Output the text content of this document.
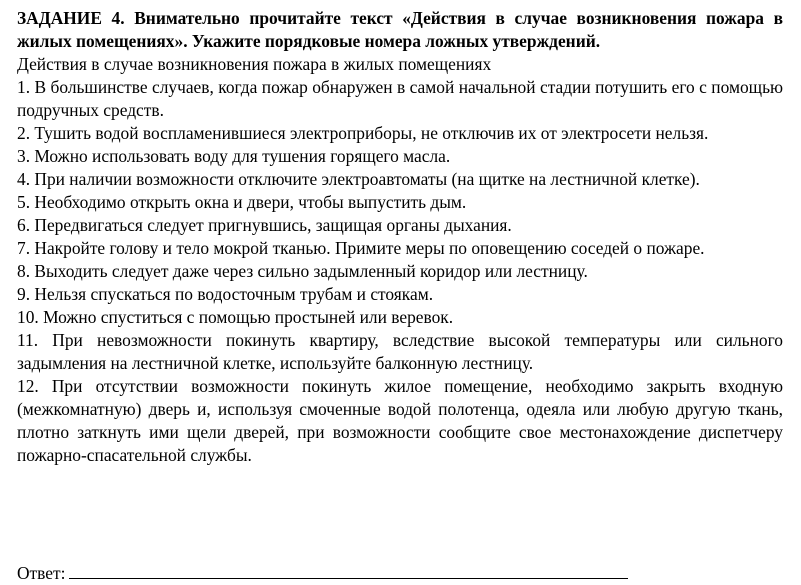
ЗАДАНИЕ 4. Внимательно прочитайте текст «Действия в случае возникновения пожара в жилых помещениях». Укажите порядковые номера ложных утверждений.

Действия в случае возникновения пожара в жилых помещениях

1. В большинстве случаев, когда пожар обнаружен в самой начальной стадии потушить его с помощью подручных средств.

2. Тушить водой воспламенившиеся электроприборы, не отключив их от электросети нельзя.

3. Можно использовать воду для тушения горящего масла.

4. При наличии возможности отключите электроавтоматы (на щитке на лестничной клетке).

5. Необходимо открыть окна и двери, чтобы выпустить дым.

6. Передвигаться следует пригнувшись, защищая органы дыхания.

7. Накройте голову и тело мокрой тканью. Примите меры по оповещению соседей о пожаре.

8. Выходить следует даже через сильно задымленный коридор или лестницу.

9. Нельзя спускаться по водосточным трубам и стоякам.

10. Можно спуститься с помощью простыней или веревок.

11. При невозможности покинуть квартиру, вследствие высокой температуры или сильного задымления на лестничной клетке, используйте балконную лестницу.

12. При отсутствии возможности покинуть жилое помещение, необходимо закрыть входную (межкомнатную) дверь и, используя смоченные водой полотенца, одеяла или любую другую ткань, плотно заткнуть ими щели дверей, при возможности сообщите свое местонахождение диспетчеру пожарно-спасательной службы.

Ответ:
